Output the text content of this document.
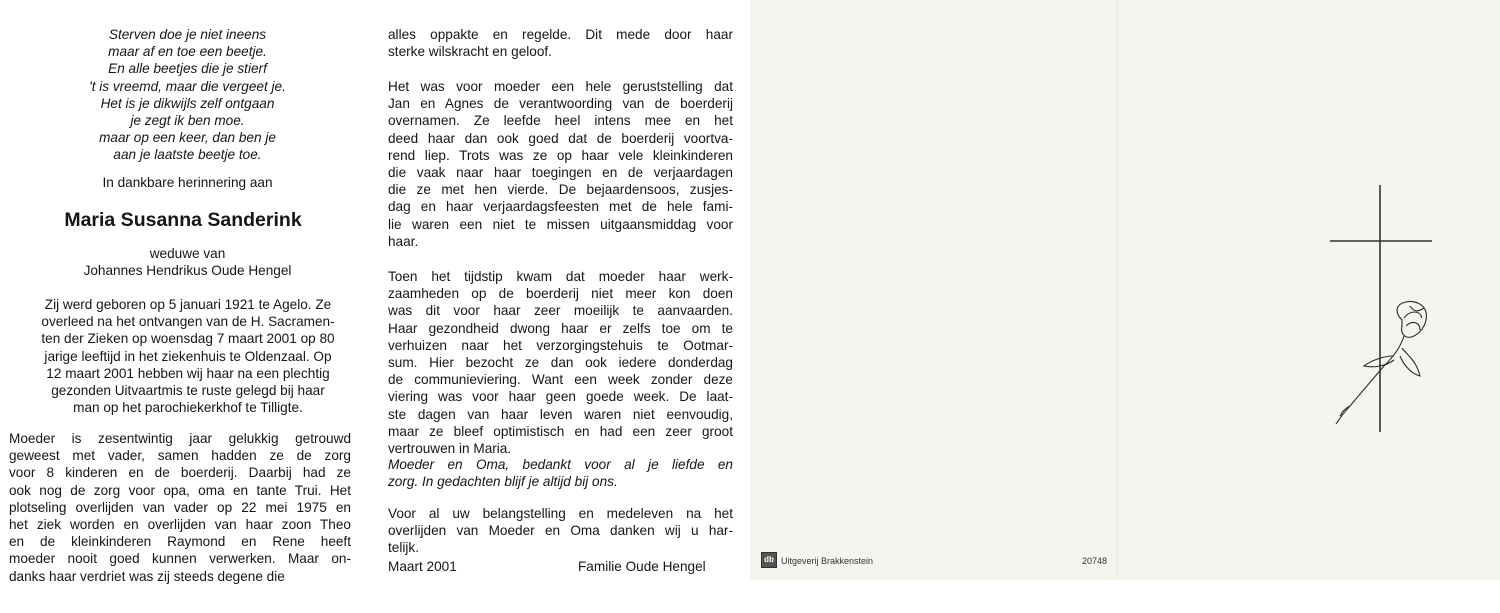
Sterven doe je niet ineens
maar af en toe een beetje.
En alle beetjes die je stierf
't is vreemd, maar die vergeet je.
Het is je dikwijls zelf ontgaan
je zegt ik ben moe.
maar op een keer, dan ben je
aan je laatste beetje toe.
In dankbare herinnering aan
Maria Susanna Sanderink
weduwe van
Johannes Hendrikus Oude Hengel
Zij werd geboren op 5 januari 1921 te Agelo. Ze
overleed na het ontvangen van de H. Sacramen-
ten der Zieken op woensdag 7 maart 2001 op 80
jarige leeftijd in het ziekenhuis te Oldenzaal. Op
12 maart 2001 hebben wij haar na een plechtig
gezonden Uitvaartmis te ruste gelegd bij haar
man op het parochiekerkhof te Tilligte.
Moeder is zesentwintig jaar gelukkig getrouwd
geweest met vader, samen hadden ze de zorg
voor 8 kinderen en de boerderij. Daarbij had ze
ook nog de zorg voor opa, oma en tante Trui. Het
plotseling overlijden van vader op 22 mei 1975 en
het ziek worden en overlijden van haar zoon Theo
en de kleinkinderen Raymond en Rene heeft
moeder nooit goed kunnen verwerken. Maar on-
danks haar verdriet was zij steeds degene die
alles oppakte en regelde. Dit mede door haar
sterke wilskracht en geloof.
Het was voor moeder een hele geruststelling dat
Jan en Agnes de verantwoording van de boerderij
overnamen. Ze leefde heel intens mee en het
deed haar dan ook goed dat de boerderij voortva-
rend liep. Trots was ze op haar vele kleinkinderen
die vaak naar haar toegingen en de verjaardagen
die ze met hen vierde. De bejaardensoos, zusjes-
dag en haar verjaardagsfeesten met de hele fami-
lie waren een niet te missen uitgaansmiddag voor
haar.
Toen het tijdstip kwam dat moeder haar werk-
zaamheden op de boerderij niet meer kon doen
was dit voor haar zeer moeilijk te aanvaarden.
Haar gezondheid dwong haar er zelfs toe om te
verhuizen naar het verzorgingstehuis te Ootmar-
sum. Hier bezocht ze dan ook iedere donderdag
de communieviering. Want een week zonder deze
viering was voor haar geen goede week. De laat-
ste dagen van haar leven waren niet eenvoudig,
maar ze bleef optimistisch en had een zeer groot
vertrouwen in Maria.
Moeder en Oma, bedankt voor al je liefde en
zorg. In gedachten blijf je altijd bij ons.
Voor al uw belangstelling en medeleven na het
overlijden van Moeder en Oma danken wij u har-
telijk.
Maart 2001	Familie Oude Hengel	db Uitgeverij Brakkenstein	20748
